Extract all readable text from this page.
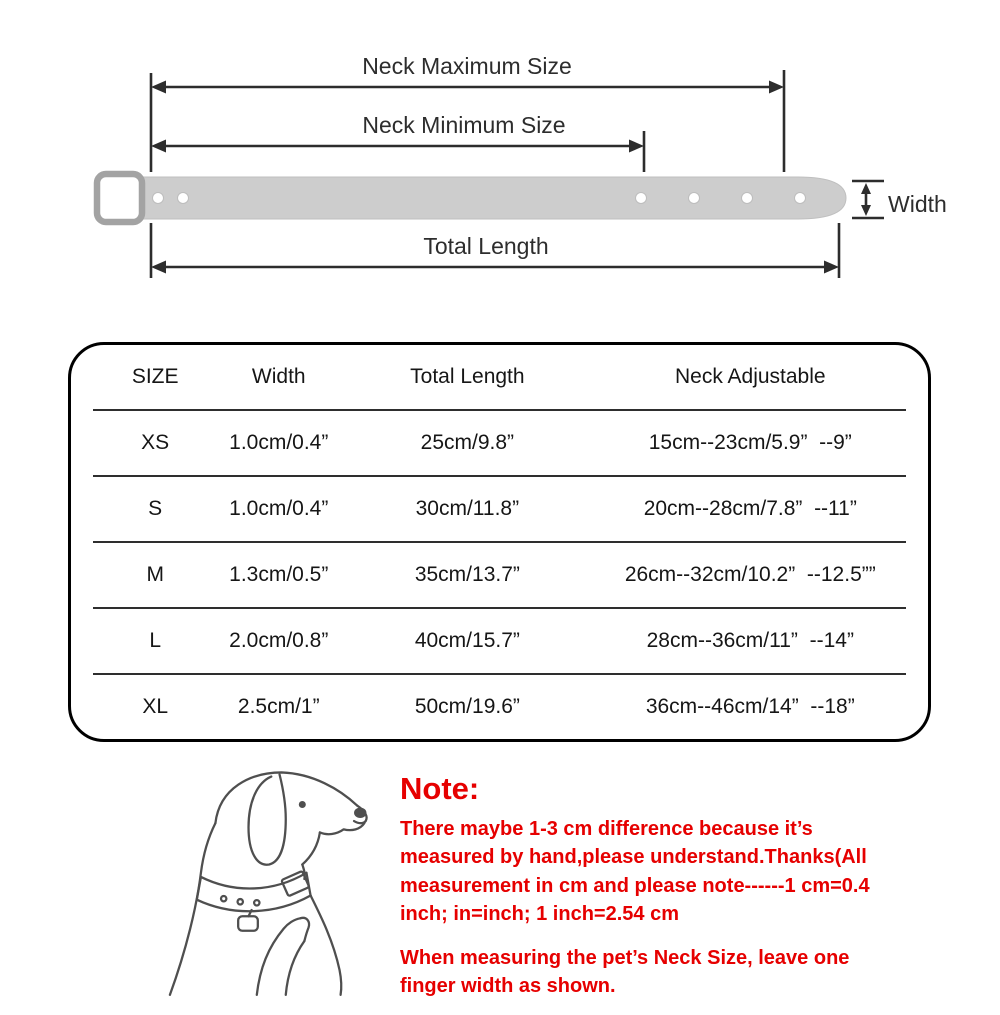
Neck Maximum Size
Neck Minimum Size
Width
Total Length
SIZE	Width	Total Length	Neck Adjustable
XS	1.0cm/0.4”	25cm/9.8”	15cm--23cm/5.9”  --9”
S	1.0cm/0.4”	30cm/11.8”	20cm--28cm/7.8”  --11”
M	1.3cm/0.5”	35cm/13.7”	26cm--32cm/10.2”  --12.5””
L	2.0cm/0.8”	40cm/15.7”	28cm--36cm/11”  --14”
XL	2.5cm/1”	50cm/19.6”	36cm--46cm/14”  --18”
Note:

There maybe 1-3 cm difference because it’s measured by hand,please understand.Thanks(All measurement in cm and please note------1 cm=0.4 inch; in=inch; 1 inch=2.54 cm

When measuring the pet’s Neck Size, leave one finger width as shown.
